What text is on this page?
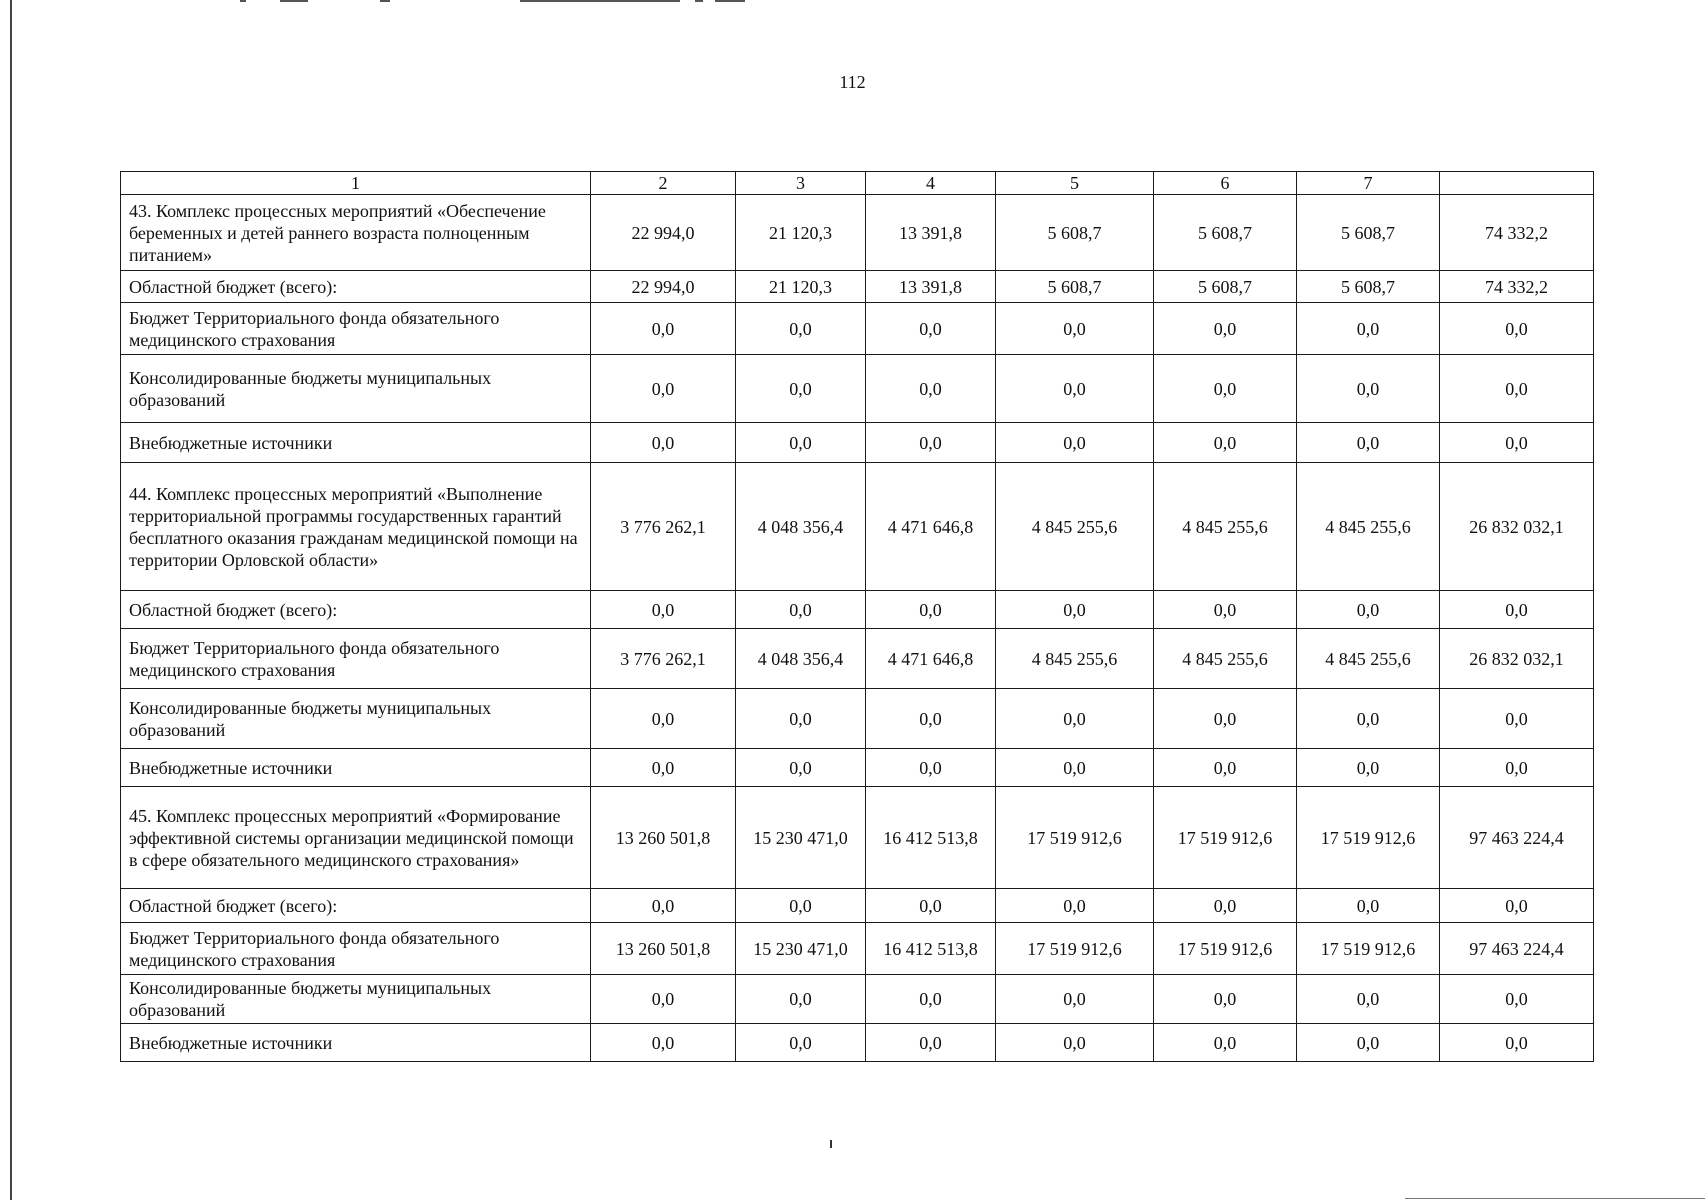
112
1	2	3	4	5	6	7	
43. Комплекс процессных мероприятий «Обеспечение беременных и детей раннего возраста полноценным питанием»	22 994,0	21 120,3	13 391,8	5 608,7	5 608,7	5 608,7	74 332,2
Областной бюджет (всего):	22 994,0	21 120,3	13 391,8	5 608,7	5 608,7	5 608,7	74 332,2
Бюджет Территориального фонда обязательного медицинского страхования	0,0	0,0	0,0	0,0	0,0	0,0	0,0
Консолидированные бюджеты муниципальных образований	0,0	0,0	0,0	0,0	0,0	0,0	0,0
Внебюджетные источники	0,0	0,0	0,0	0,0	0,0	0,0	0,0
44. Комплекс процессных мероприятий «Выполнение территориальной программы государственных гарантий бесплатного оказания гражданам медицинской помощи на территории Орловской области»	3 776 262,1	4 048 356,4	4 471 646,8	4 845 255,6	4 845 255,6	4 845 255,6	26 832 032,1
Областной бюджет (всего):	0,0	0,0	0,0	0,0	0,0	0,0	0,0
Бюджет Территориального фонда обязательного медицинского страхования	3 776 262,1	4 048 356,4	4 471 646,8	4 845 255,6	4 845 255,6	4 845 255,6	26 832 032,1
Консолидированные бюджеты муниципальных образований	0,0	0,0	0,0	0,0	0,0	0,0	0,0
Внебюджетные источники	0,0	0,0	0,0	0,0	0,0	0,0	0,0
45. Комплекс процессных мероприятий «Формирование эффективной системы организации медицинской помощи в сфере обязательного медицинского страхования»	13 260 501,8	15 230 471,0	16 412 513,8	17 519 912,6	17 519 912,6	17 519 912,6	97 463 224,4
Областной бюджет (всего):	0,0	0,0	0,0	0,0	0,0	0,0	0,0
Бюджет Территориального фонда обязательного медицинского страхования	13 260 501,8	15 230 471,0	16 412 513,8	17 519 912,6	17 519 912,6	17 519 912,6	97 463 224,4
Консолидированные бюджеты муниципальных образований	0,0	0,0	0,0	0,0	0,0	0,0	0,0
Внебюджетные источники	0,0	0,0	0,0	0,0	0,0	0,0	0,0
